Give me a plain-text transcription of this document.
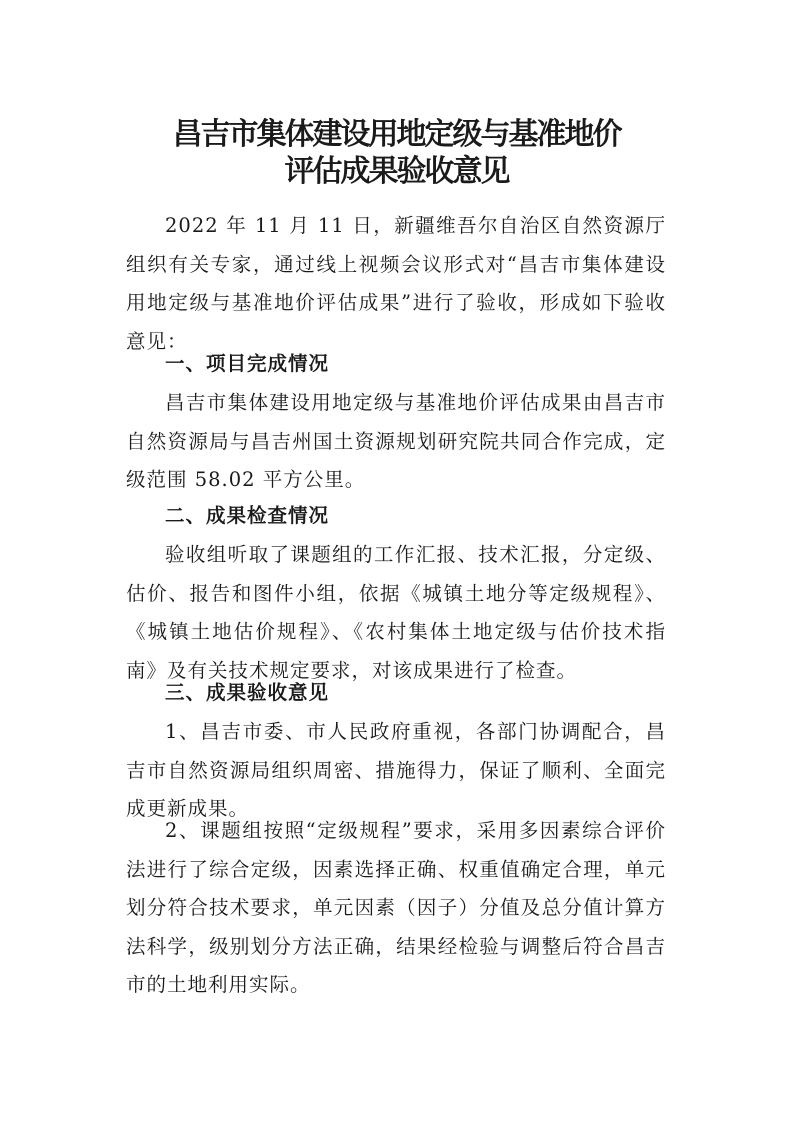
昌吉市集体建设用地定级与基准地价
评估成果验收意见

2022 年 11 月 11 日，新疆维吾尔自治区自然资源厅组织有关专家，通过线上视频会议形式对“昌吉市集体建设用地定级与基准地价评估成果”进行了验收，形成如下验收意见：

一、项目完成情况

昌吉市集体建设用地定级与基准地价评估成果由昌吉市自然资源局与昌吉州国土资源规划研究院共同合作完成，定级范围 58.02 平方公里。

二、成果检查情况

验收组听取了课题组的工作汇报、技术汇报，分定级、估价、报告和图件小组，依据《城镇土地分等定级规程》、《城镇土地估价规程》、《农村集体土地定级与估价技术指南》及有关技术规定要求，对该成果进行了检查。

三、成果验收意见

1、昌吉市委、市人民政府重视，各部门协调配合，昌吉市自然资源局组织周密、措施得力，保证了顺利、全面完成更新成果。

2、课题组按照“定级规程”要求，采用多因素综合评价法进行了综合定级，因素选择正确、权重值确定合理，单元划分符合技术要求，单元因素（因子）分值及总分值计算方法科学，级别划分方法正确，结果经检验与调整后符合昌吉市的土地利用实际。
